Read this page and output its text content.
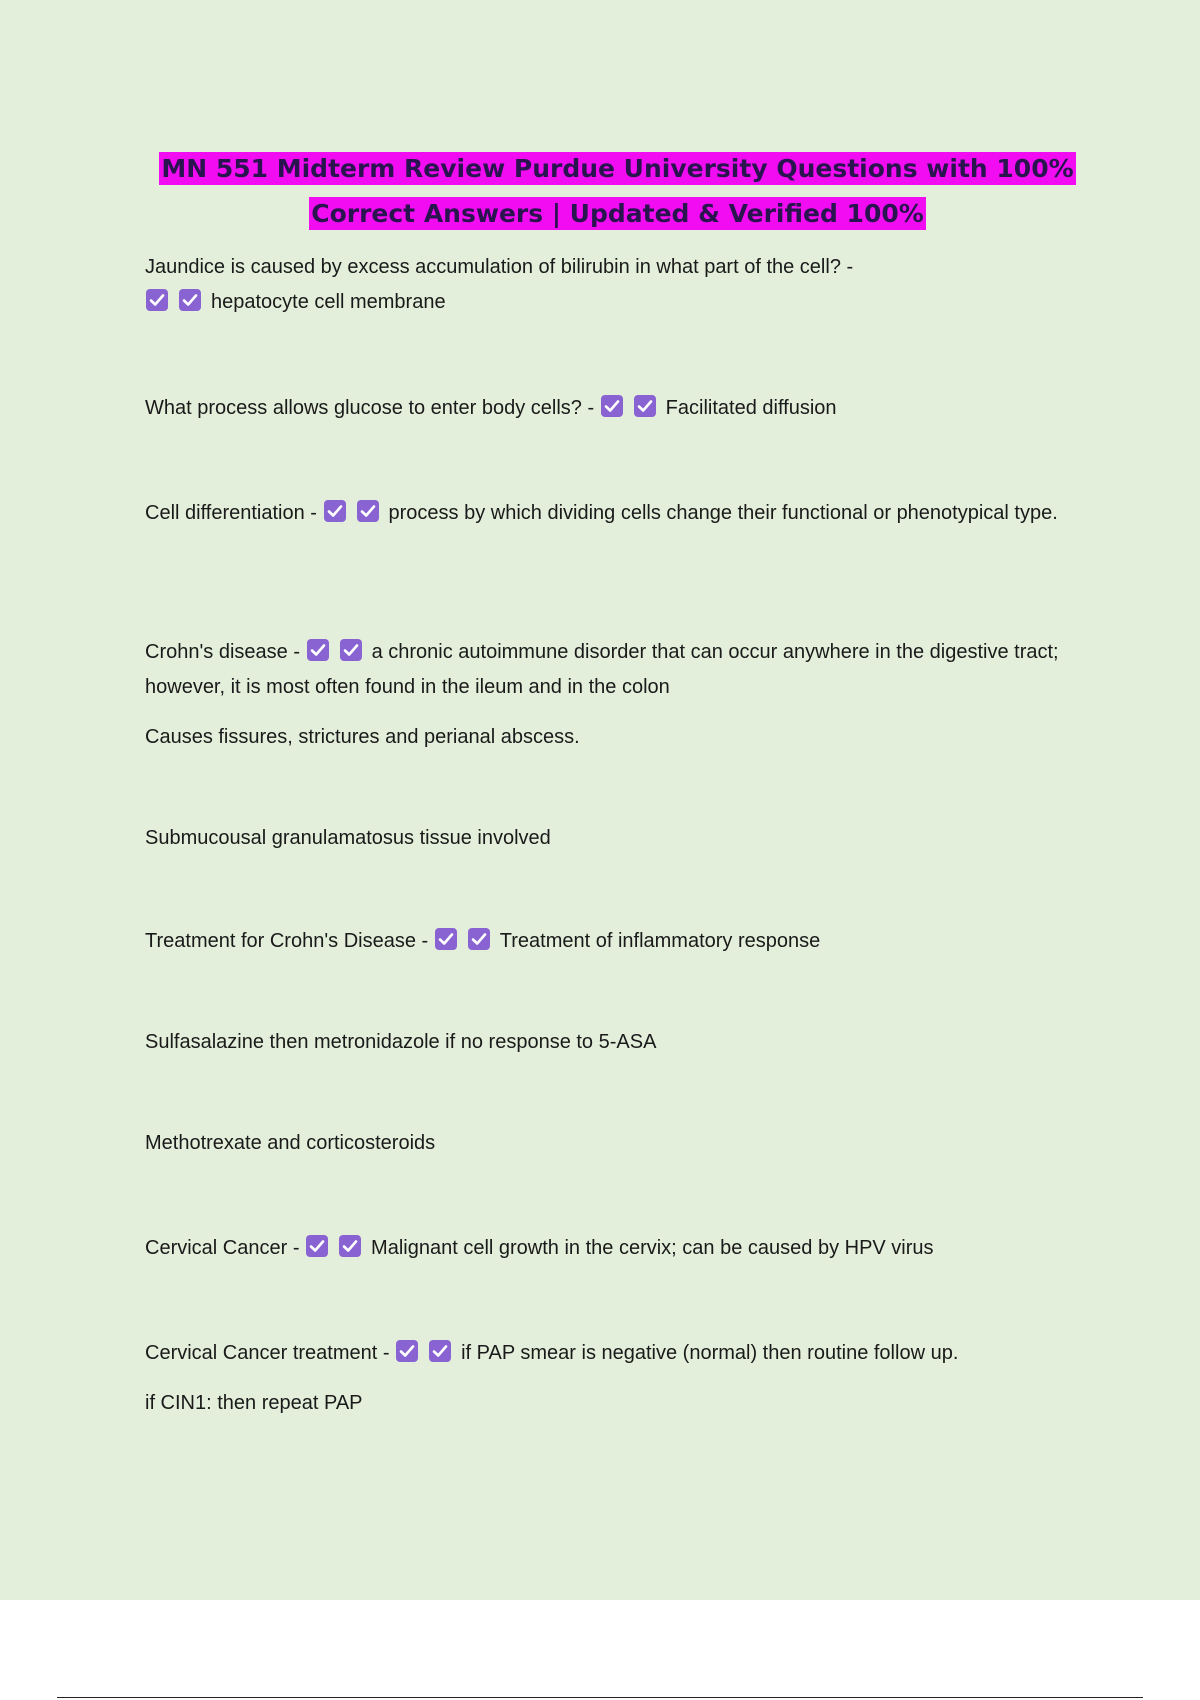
MN 551 Midterm Review Purdue University Questions with 100%
Correct Answers | Updated & Verified 100%
Jaundice is caused by excess accumulation of bilirubin in what part of the cell? -

hepatocyte cell membrane
What process allows glucose to enter body cells? -	Facilitated diffusion
Cell differentiation -	process by which dividing cells change their functional or phenotypical type.
Crohn's disease -	a chronic autoimmune disorder that can occur anywhere in the digestive tract; however, it is most often found in the ileum and in the colon
Causes fissures, strictures and perianal abscess.
Submucousal granulamatosus tissue involved
Treatment for Crohn's Disease -	Treatment of inflammatory response
Sulfasalazine then metronidazole if no response to 5-ASA
Methotrexate and corticosteroids
Cervical Cancer -	Malignant cell growth in the cervix; can be caused by HPV virus
Cervical Cancer treatment -	if PAP smear is negative (normal) then routine follow up.
if CIN1: then repeat PAP
